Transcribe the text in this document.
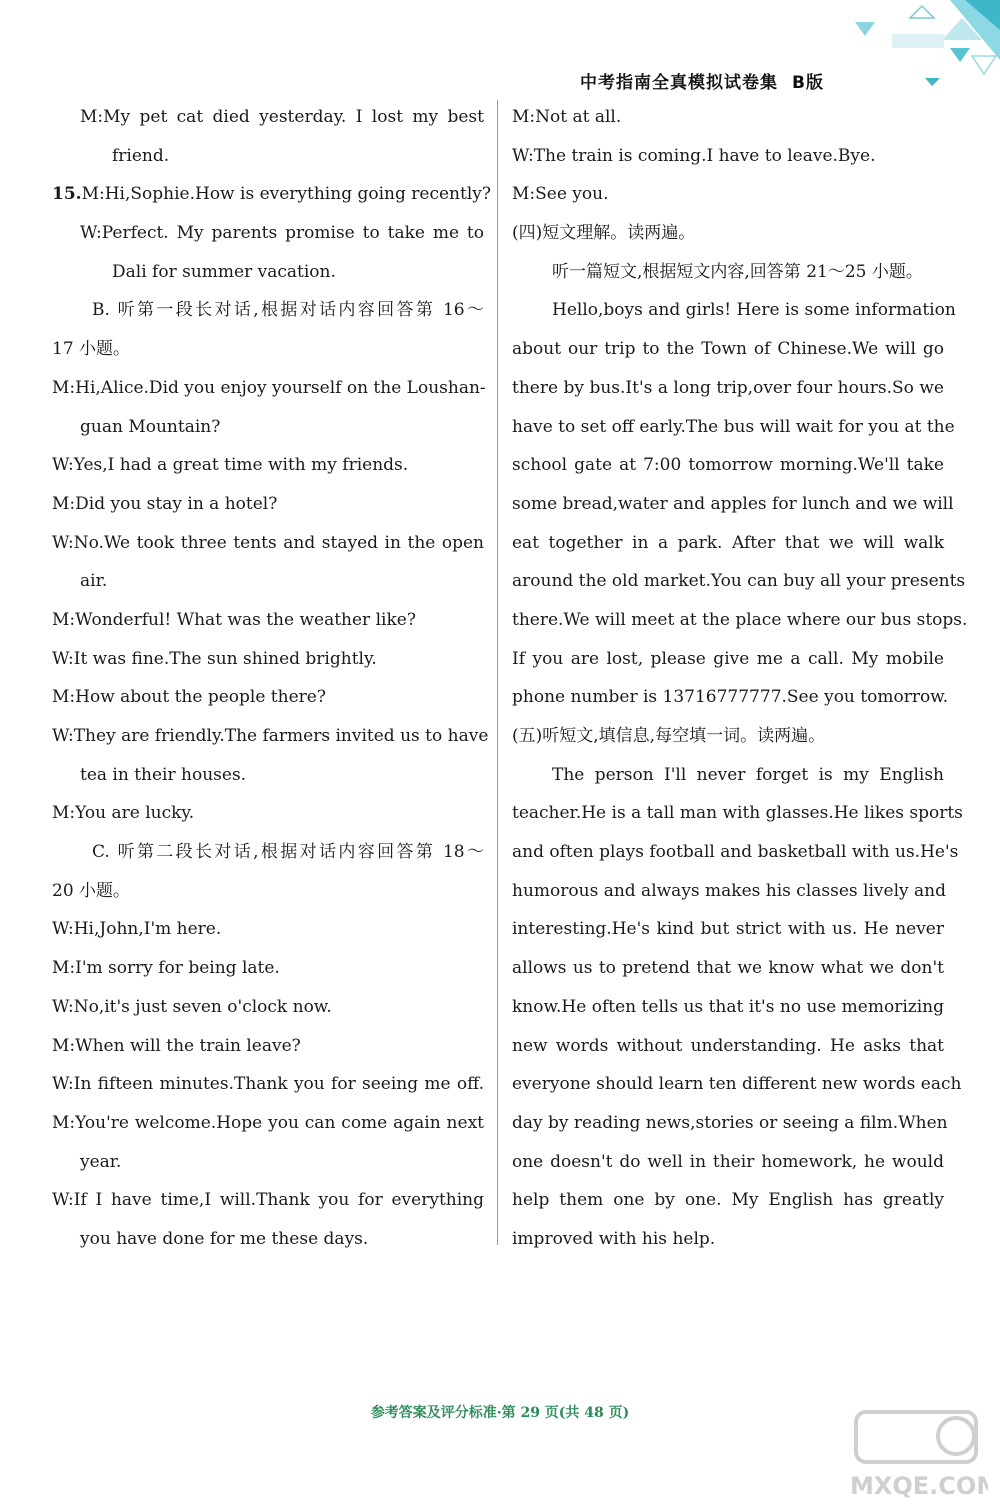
中考指南全真模拟试卷集 B版
M:My pet cat died yesterday. I lost my best
friend.
15.M:Hi,Sophie.How is everything going recently?
W:Perfect. My parents promise to take me to
Dali for summer vacation.
B. 听第一段长对话,根据对话内容回答第 16～
17 小题。
M:Hi,Alice.Did you enjoy yourself on the Loushan-
guan Mountain?
W:Yes,I had a great time with my friends.
M:Did you stay in a hotel?
W:No.We took three tents and stayed in the open
air.
M:Wonderful! What was the weather like?
W:It was fine.The sun shined brightly.
M:How about the people there?
W:They are friendly.The farmers invited us to have
tea in their houses.
M:You are lucky.
C. 听第二段长对话,根据对话内容回答第 18～
20 小题。
W:Hi,John,I'm here.
M:I'm sorry for being late.
W:No,it's just seven o'clock now.
M:When will the train leave?
W:In fifteen minutes.Thank you for seeing me off.
M:You're welcome.Hope you can come again next
year.
W:If I have time,I will.Thank you for everything
you have done for me these days.
M:Not at all.
W:The train is coming.I have to leave.Bye.
M:See you.
(四)短文理解。读两遍。
听一篇短文,根据短文内容,回答第 21～25 小题。
Hello,boys and girls! Here is some information
about our trip to the Town of Chinese.We will go
there by bus.It's a long trip,over four hours.So we
have to set off early.The bus will wait for you at the
school gate at 7:00 tomorrow morning.We'll take
some bread,water and apples for lunch and we will
eat together in a park. After that we will walk
around the old market.You can buy all your presents
there.We will meet at the place where our bus stops.
If you are lost, please give me a call. My mobile
phone number is 13716777777.See you tomorrow.
(五)听短文,填信息,每空填一词。读两遍。
The person I'll never forget is my English
teacher.He is a tall man with glasses.He likes sports
and often plays football and basketball with us.He's
humorous and always makes his classes lively and
interesting.He's kind but strict with us. He never
allows us to pretend that we know what we don't
know.He often tells us that it's no use memorizing
new words without understanding. He asks that
everyone should learn ten different new words each
day by reading news,stories or seeing a film.When
one doesn't do well in their homework, he would
help them one by one. My English has greatly
improved with his help.
参考答案及评分标准·第 29 页(共 48 页)
MXQE.COM
